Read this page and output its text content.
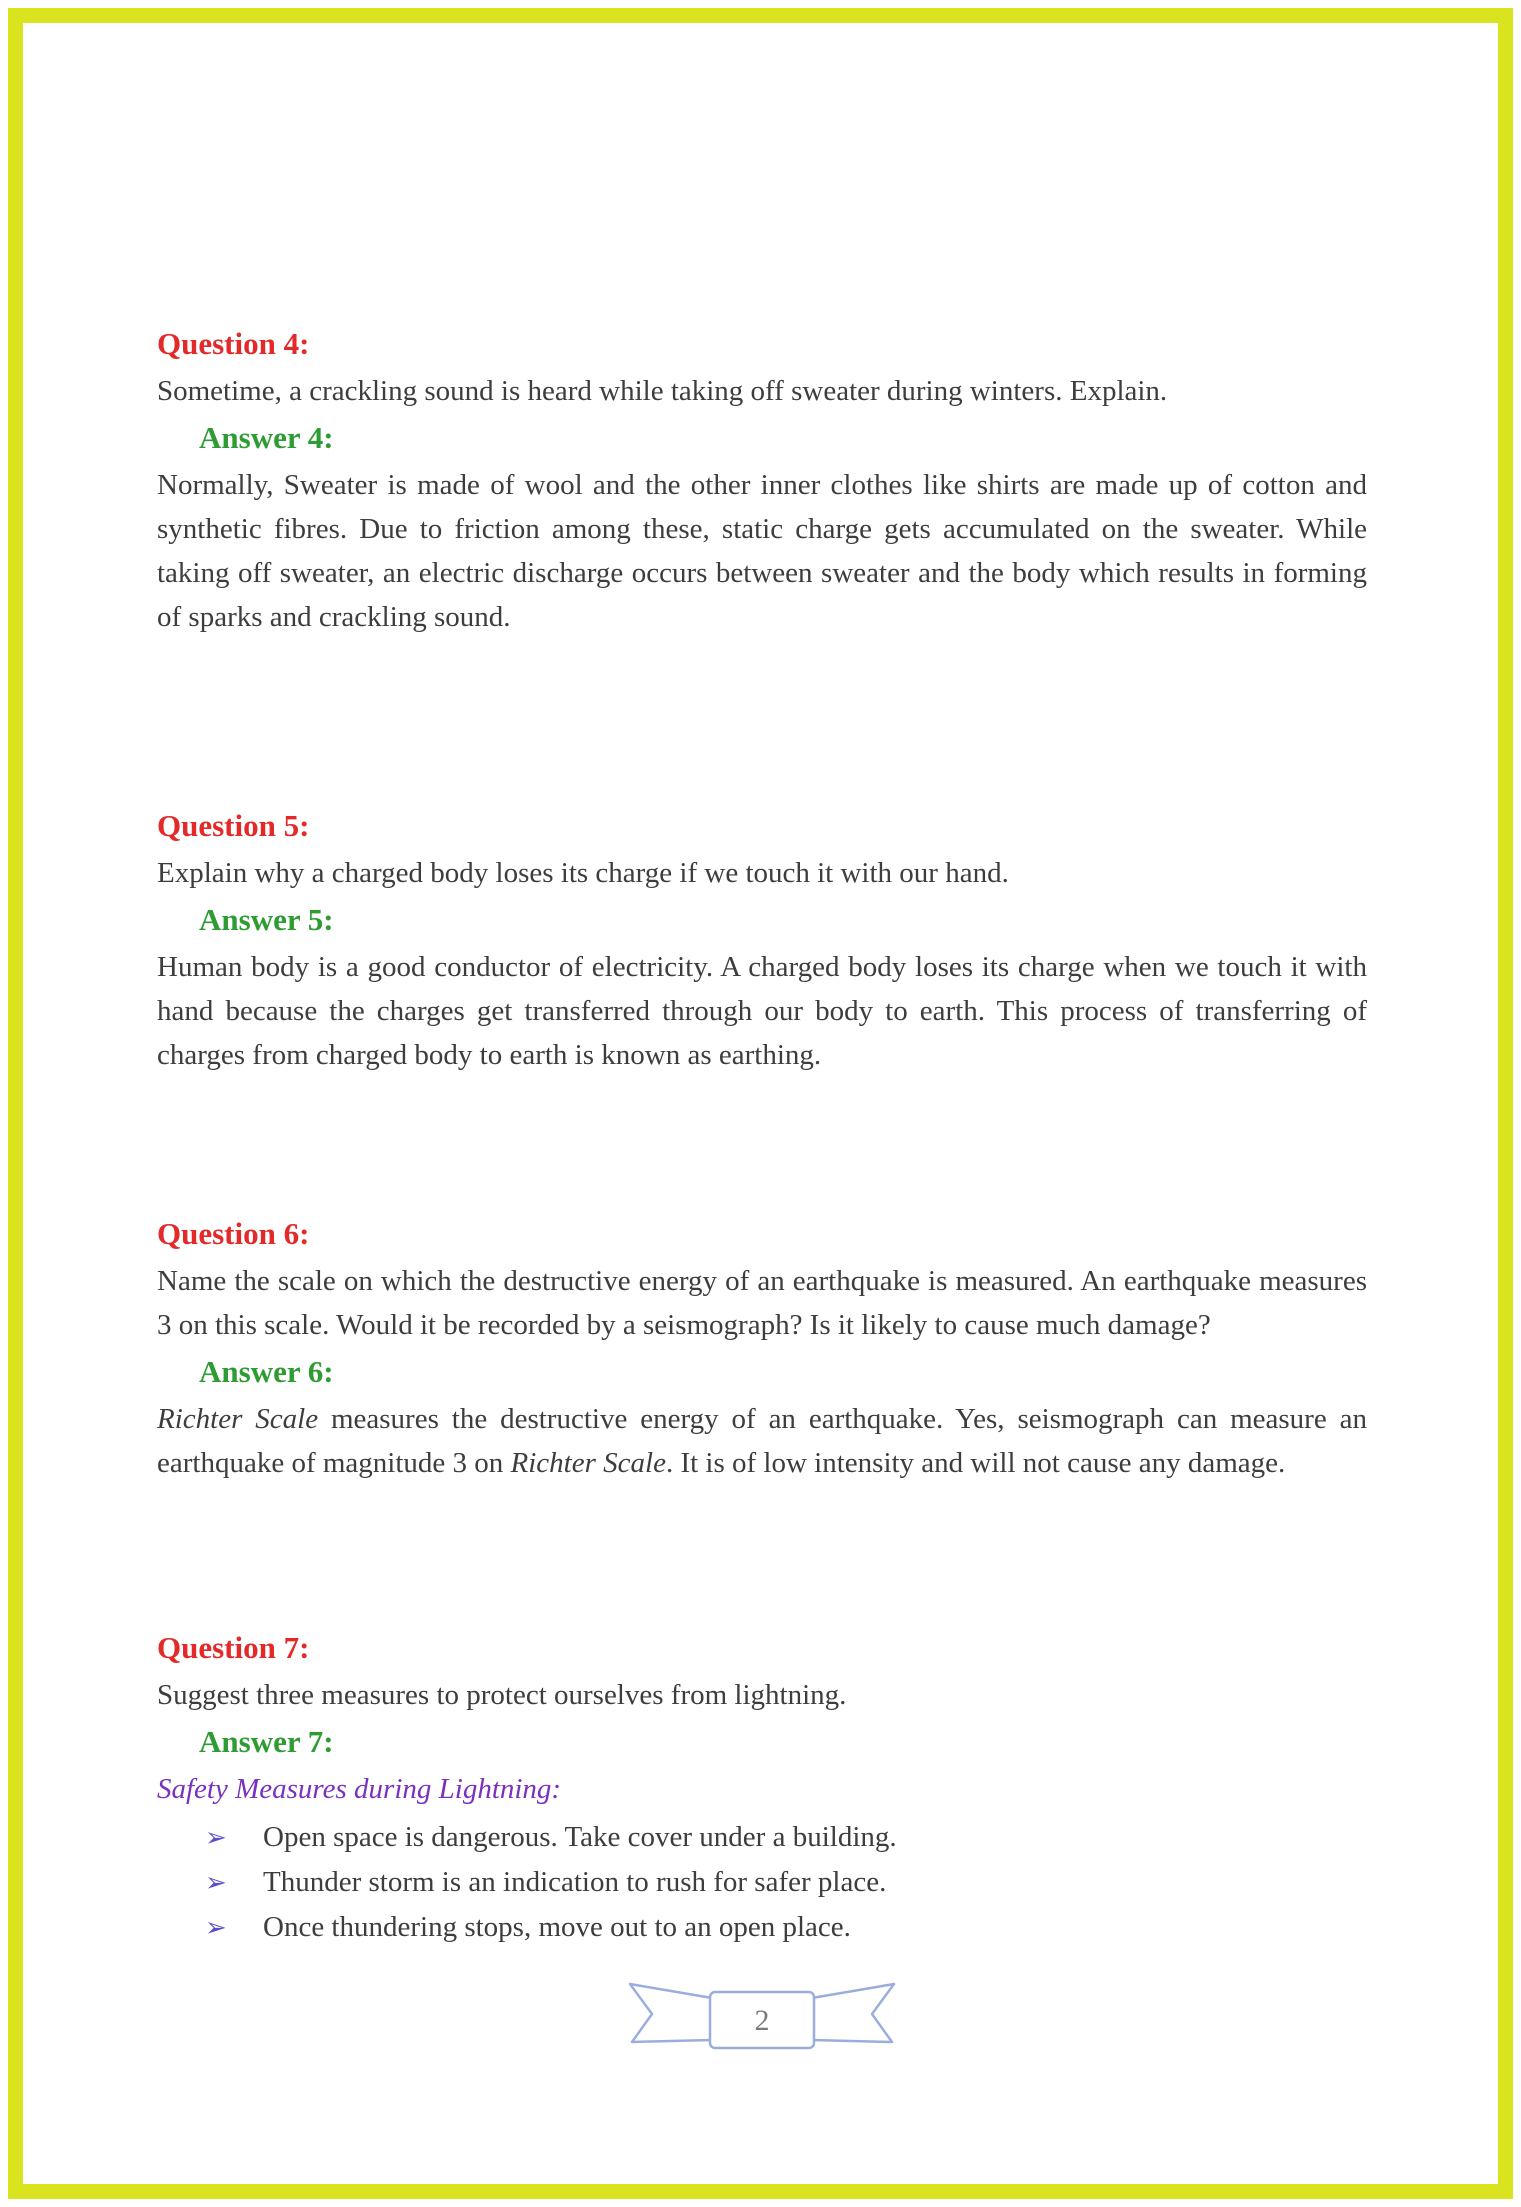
Question 4:

Sometime, a crackling sound is heard while taking off sweater during winters. Explain.

Answer 4:

Normally, Sweater is made of wool and the other inner clothes like shirts are made up of cotton and synthetic fibres. Due to friction among these, static charge gets accumulated on the sweater. While taking off sweater, an electric discharge occurs between sweater and the body which results in forming of sparks and crackling sound.

Question 5:

Explain why a charged body loses its charge if we touch it with our hand.

Answer 5:

Human body is a good conductor of electricity. A charged body loses its charge when we touch it with hand because the charges get transferred through our body to earth. This process of transferring of charges from charged body to earth is known as earthing.

Question 6:

Name the scale on which the destructive energy of an earthquake is measured. An earthquake measures 3 on this scale. Would it be recorded by a seismograph? Is it likely to cause much damage?

Answer 6:

Richter Scale measures the destructive energy of an earthquake. Yes, seismograph can measure an earthquake of magnitude 3 on Richter Scale. It is of low intensity and will not cause any damage.

Question 7:

Suggest three measures to protect ourselves from lightning.

Answer 7:

Safety Measures during Lightning:

➢	Open space is dangerous. Take cover under a building.
➢	Thunder storm is an indication to rush for safer place.
➢	Once thundering stops, move out to an open place.
2
